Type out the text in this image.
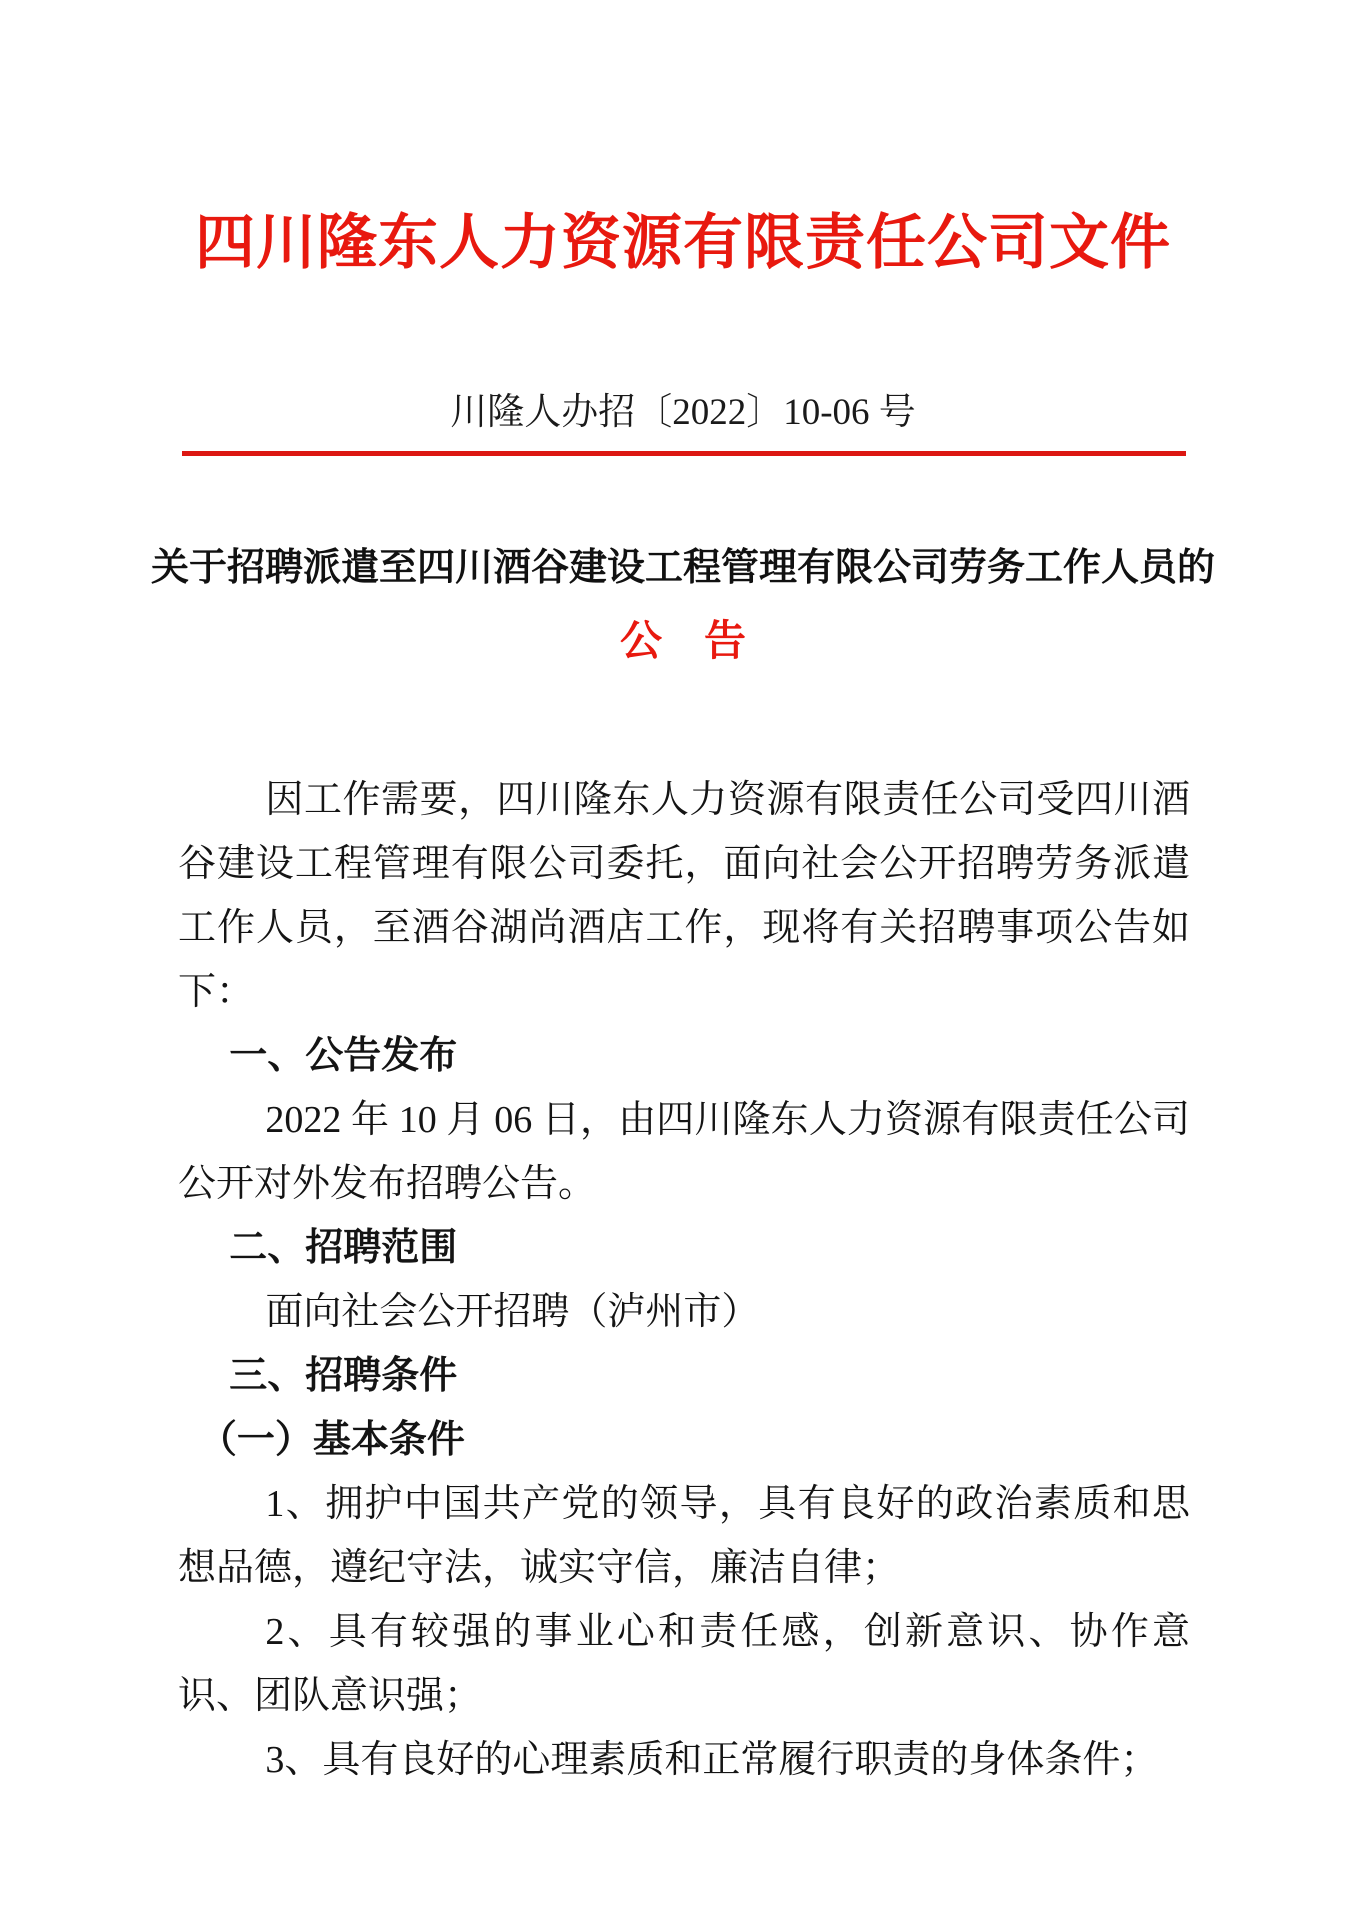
四川隆东人力资源有限责任公司文件
川隆人办招〔2022〕10-06 号
关于招聘派遣至四川酒谷建设工程管理有限公司劳务工作人员的
公　告

因工作需要，四川隆东人力资源有限责任公司受四川酒谷建设工程管理有限公司委托，面向社会公开招聘劳务派遣工作人员，至酒谷湖尚酒店工作，现将有关招聘事项公告如下：

一、公告发布

2022 年 10 月 06 日，由四川隆东人力资源有限责任公司公开对外发布招聘公告。

二、招聘范围

面向社会公开招聘（泸州市）

三、招聘条件

（一）基本条件

1、拥护中国共产党的领导，具有良好的政治素质和思想品德，遵纪守法，诚实守信，廉洁自律；

2、具有较强的事业心和责任感，创新意识、协作意识、团队意识强；

3、具有良好的心理素质和正常履行职责的身体条件；
